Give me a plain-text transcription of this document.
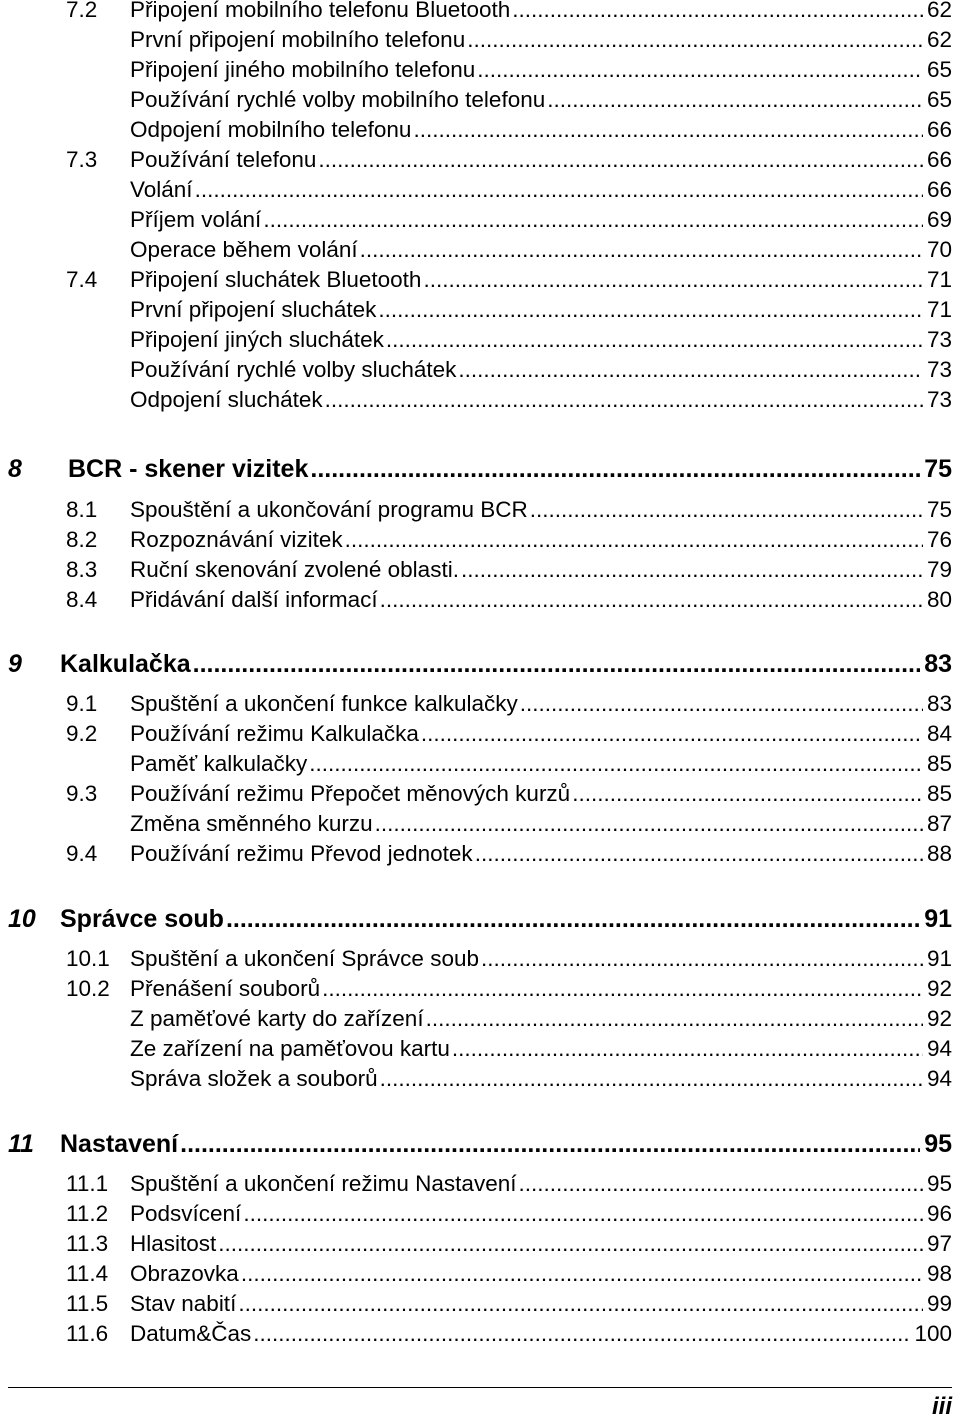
7.2 Připojení mobilního telefonu Bluetooth .....	62
První připojení mobilního telefonu .....	62
Připojení jiného mobilního telefonu .....	65
Používání rychlé volby mobilního telefonu .....	65
Odpojení mobilního telefonu .....	66
7.3 Používání telefonu .....	66
Volání .....	66
Příjem volání .....	69
Operace během volání .....	70
7.4 Připojení sluchátek Bluetooth .....	71
První připojení sluchátek .....	71
Připojení jiných sluchátek .....	73
Používání rychlé volby sluchátek .....	73
Odpojení sluchátek .....	73
8 BCR - skener vizitek .....	75
8.1 Spouštění a ukončování programu BCR .....	75
8.2 Rozpoznávání vizitek .....	76
8.3 Ruční skenování zvolené oblasti. .....	79
8.4 Přidávání další informací .....	80
9 Kalkulačka .....	83
9.1 Spuštění a ukončení funkce kalkulačky .....	83
9.2 Používání režimu Kalkulačka .....	84
Paměť kalkulačky .....	85
9.3 Používání režimu Přepočet měnových kurzů .....	85
Změna směnného kurzu .....	87
9.4 Používání režimu Převod jednotek .....	88
10 Správce soub .....	91
10.1 Spuštění a ukončení Správce soub .....	91
10.2 Přenášení souborů .....	92
Z paměťové karty do zařízení .....	92
Ze zařízení na paměťovou kartu .....	94
Správa složek a souborů .....	94
11 Nastavení .....	95
11.1 Spuštění a ukončení režimu Nastavení .....	95
11.2 Podsvícení .....	96
11.3 Hlasitost .....	97
11.4 Obrazovka .....	98
11.5 Stav nabití .....	99
11.6 Datum&Čas .....	100
iii
